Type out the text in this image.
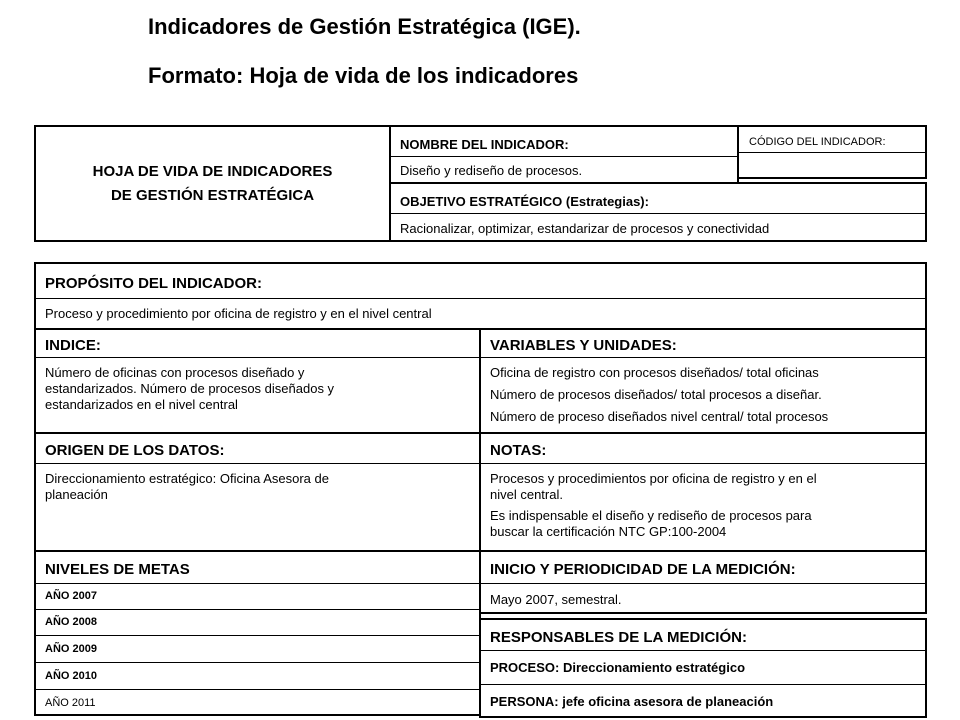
Indicadores de Gestión Estratégica (IGE).
Formato: Hoja de vida de los indicadores
HOJA DE VIDA DE INDICADORES
DE GESTIÓN ESTRATÉGICA
NOMBRE DEL INDICADOR:
Diseño y rediseño de procesos.
CÓDIGO DEL INDICADOR:
OBJETIVO ESTRATÉGICO (Estrategias):
Racionalizar, optimizar, estandarizar de procesos y conectividad
PROPÓSITO DEL INDICADOR:
Proceso y procedimiento por oficina de registro y en el nivel central
INDICE:
Número de oficinas con procesos diseñado y
estandarizados. Número de procesos diseñados y
estandarizados en el nivel central
VARIABLES Y UNIDADES:
Oficina de registro con procesos diseñados/ total oficinas
Número de procesos diseñados/ total procesos a diseñar.
Número de proceso diseñados nivel central/ total procesos
ORIGEN DE LOS DATOS:
Direccionamiento estratégico: Oficina Asesora de
planeación
NOTAS:
Procesos y procedimientos por oficina de registro y en el
nivel central.
Es indispensable el diseño y rediseño de procesos para
buscar la certificación NTC GP:100-2004
NIVELES DE METAS
AÑO 2007
AÑO 2008
AÑO 2009
AÑO 2010
AÑO 2011
INICIO Y PERIODICIDAD DE LA MEDICIÓN:
Mayo 2007, semestral.
RESPONSABLES DE LA MEDICIÓN:
PROCESO: Direccionamiento estratégico
PERSONA: jefe oficina asesora de planeación
